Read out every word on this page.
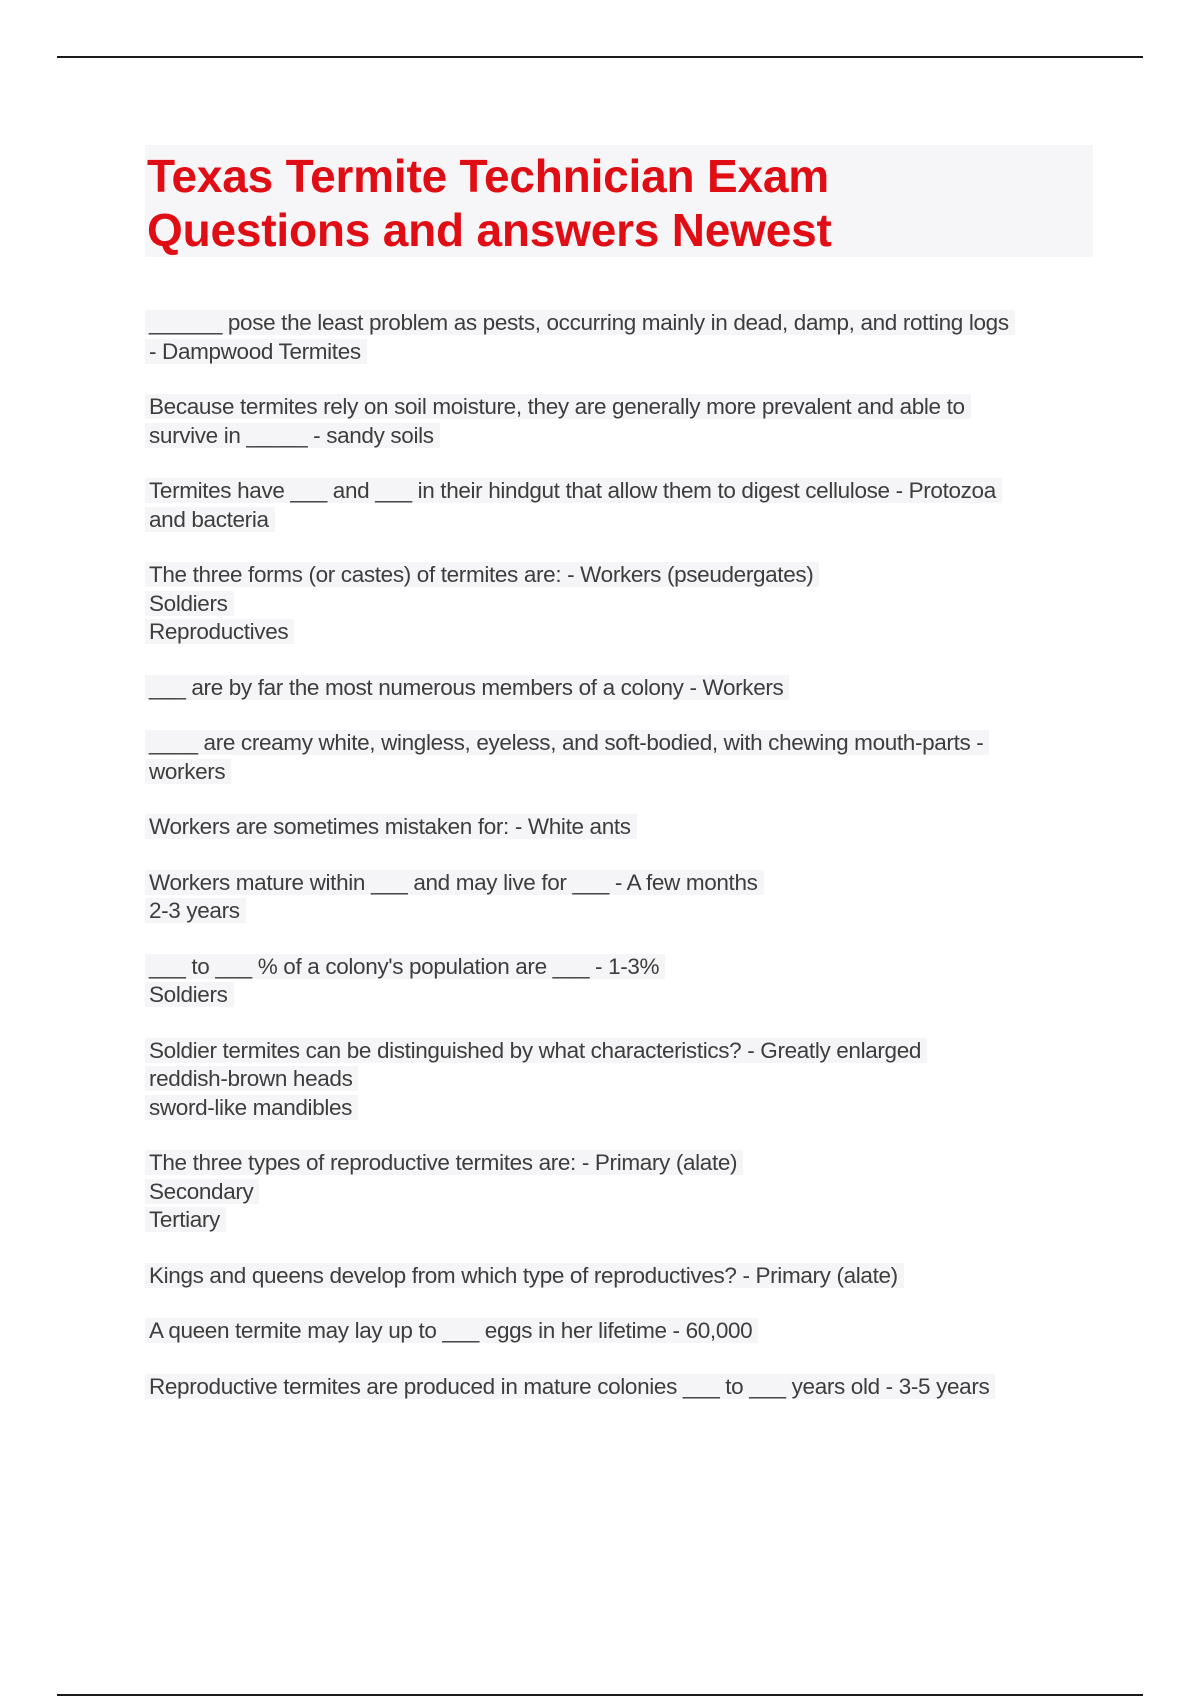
Texas Termite Technician Exam
Questions and answers Newest
______ pose the least problem as pests, occurring mainly in dead, damp, and rotting logs
- Dampwood Termites
Because termites rely on soil moisture, they are generally more prevalent and able to
survive in _____ - sandy soils
Termites have ___ and ___ in their hindgut that allow them to digest cellulose - Protozoa
and bacteria
The three forms (or castes) of termites are: - Workers (pseudergates)
Soldiers
Reproductives
___ are by far the most numerous members of a colony - Workers
____ are creamy white, wingless, eyeless, and soft-bodied, with chewing mouth-parts -
workers
Workers are sometimes mistaken for: - White ants
Workers mature within ___ and may live for ___ - A few months
2-3 years
___ to ___ % of a colony's population are ___ - 1-3%
Soldiers
Soldier termites can be distinguished by what characteristics? - Greatly enlarged
reddish-brown heads
sword-like mandibles
The three types of reproductive termites are: - Primary (alate)
Secondary
Tertiary
Kings and queens develop from which type of reproductives? - Primary (alate)
A queen termite may lay up to ___ eggs in her lifetime - 60,000
Reproductive termites are produced in mature colonies ___ to ___ years old - 3-5 years
